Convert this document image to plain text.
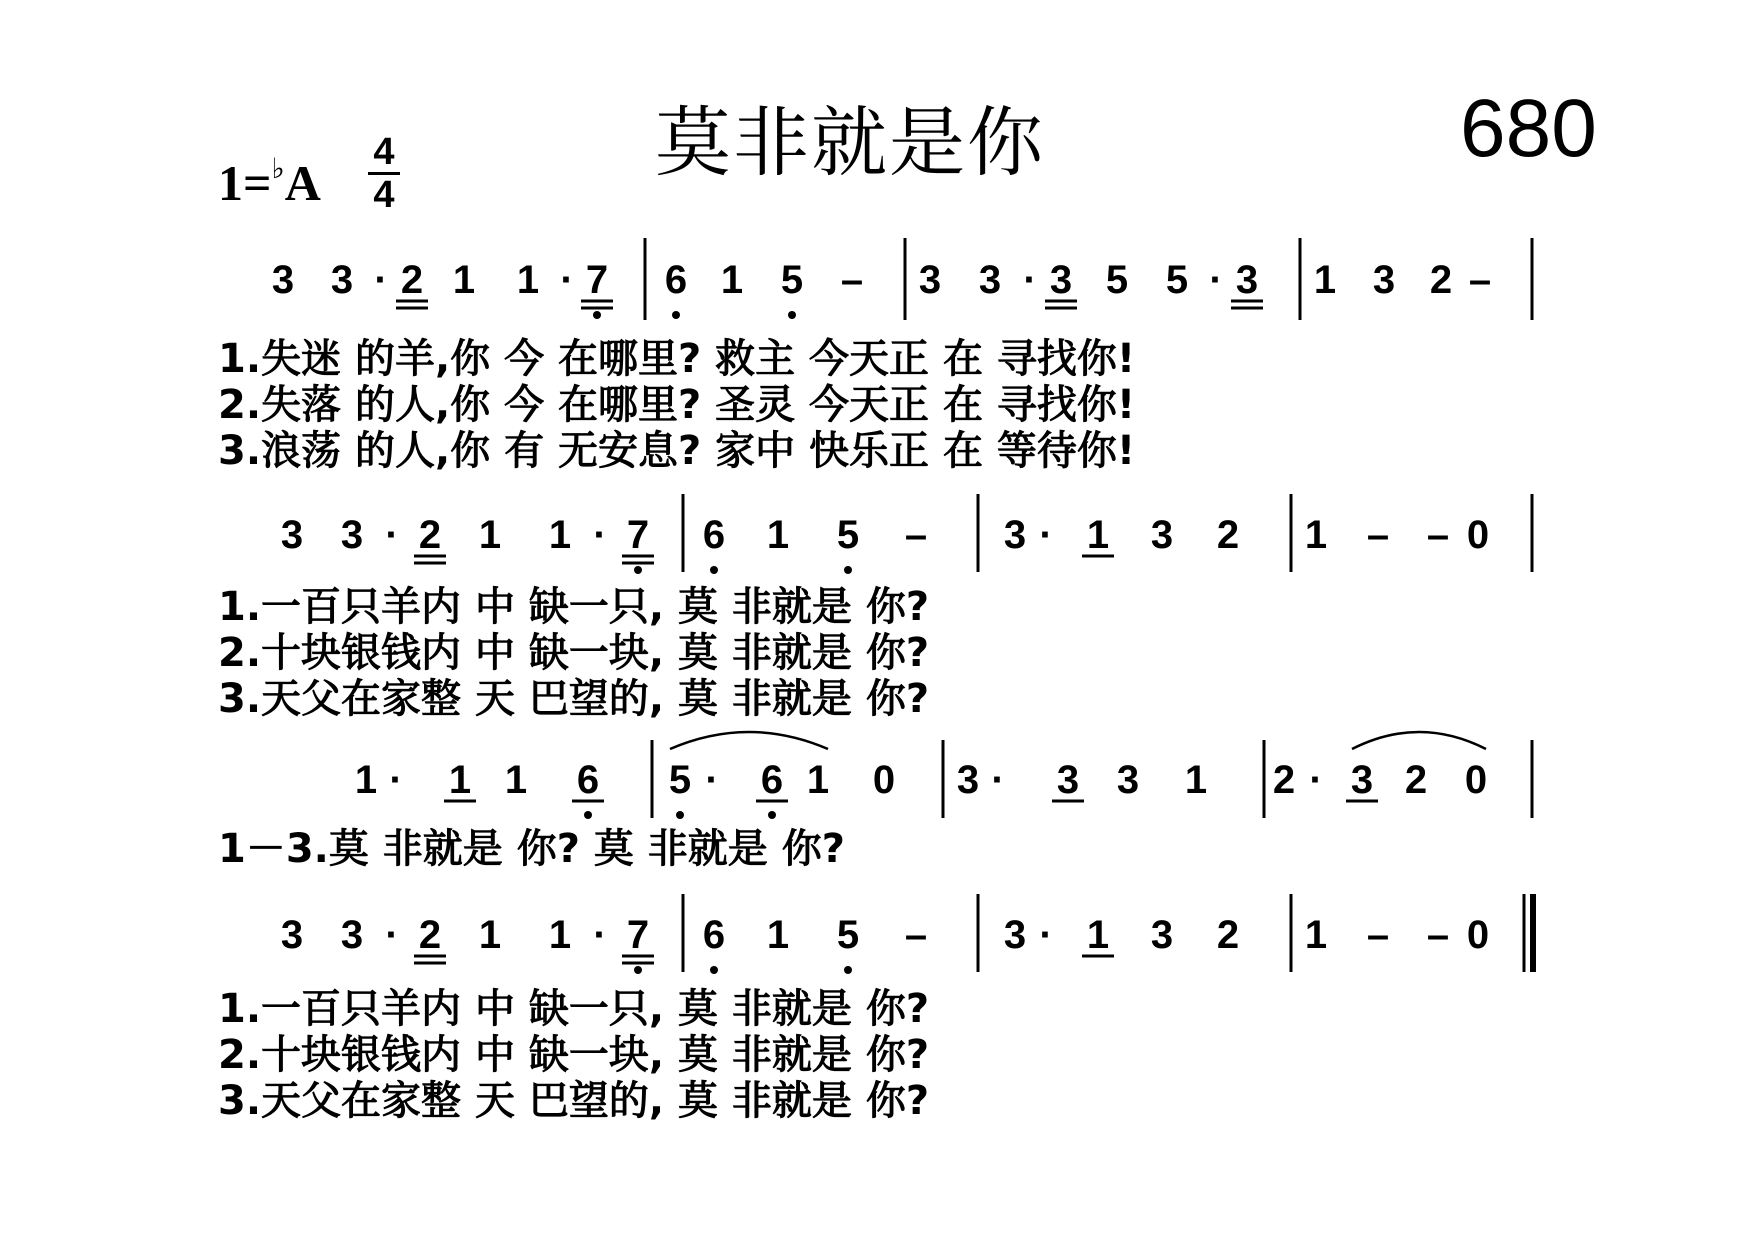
莫非就是你	680
1=♭A
4
4
3 3 · 2 1 1 · 7 6 1 5 – 3 3 · 3 5 5 · 3 1 3 2 –
3 3 · 2 1 1 · 7 6 1 5 – 3 · 1 3 2 1 – – 0
1 · 1 1 6 5 · 6 1 0 3 · 3 3 1 2 · 3 2 0
3 3 · 2 1 1 · 7 6 1 5 – 3 · 1 3 2 1 – – 0
1.失迷 的羊,你 今 在哪里? 救主 今天正 在 寻找你!
2.失落 的人,你 今 在哪里? 圣灵 今天正 在 寻找你!
3.浪荡 的人,你 有 无安息? 家中 快乐正 在 等待你!
1.一百只羊内 中 缺一只, 莫 非就是 你?
2.十块银钱内 中 缺一块, 莫 非就是 你?
3.天父在家整 天 巴望的, 莫 非就是 你?
1－3.莫 非就是 你? 莫 非就是 你?
1.一百只羊内 中 缺一只, 莫 非就是 你?
2.十块银钱内 中 缺一块, 莫 非就是 你?
3.天父在家整 天 巴望的, 莫 非就是 你?
